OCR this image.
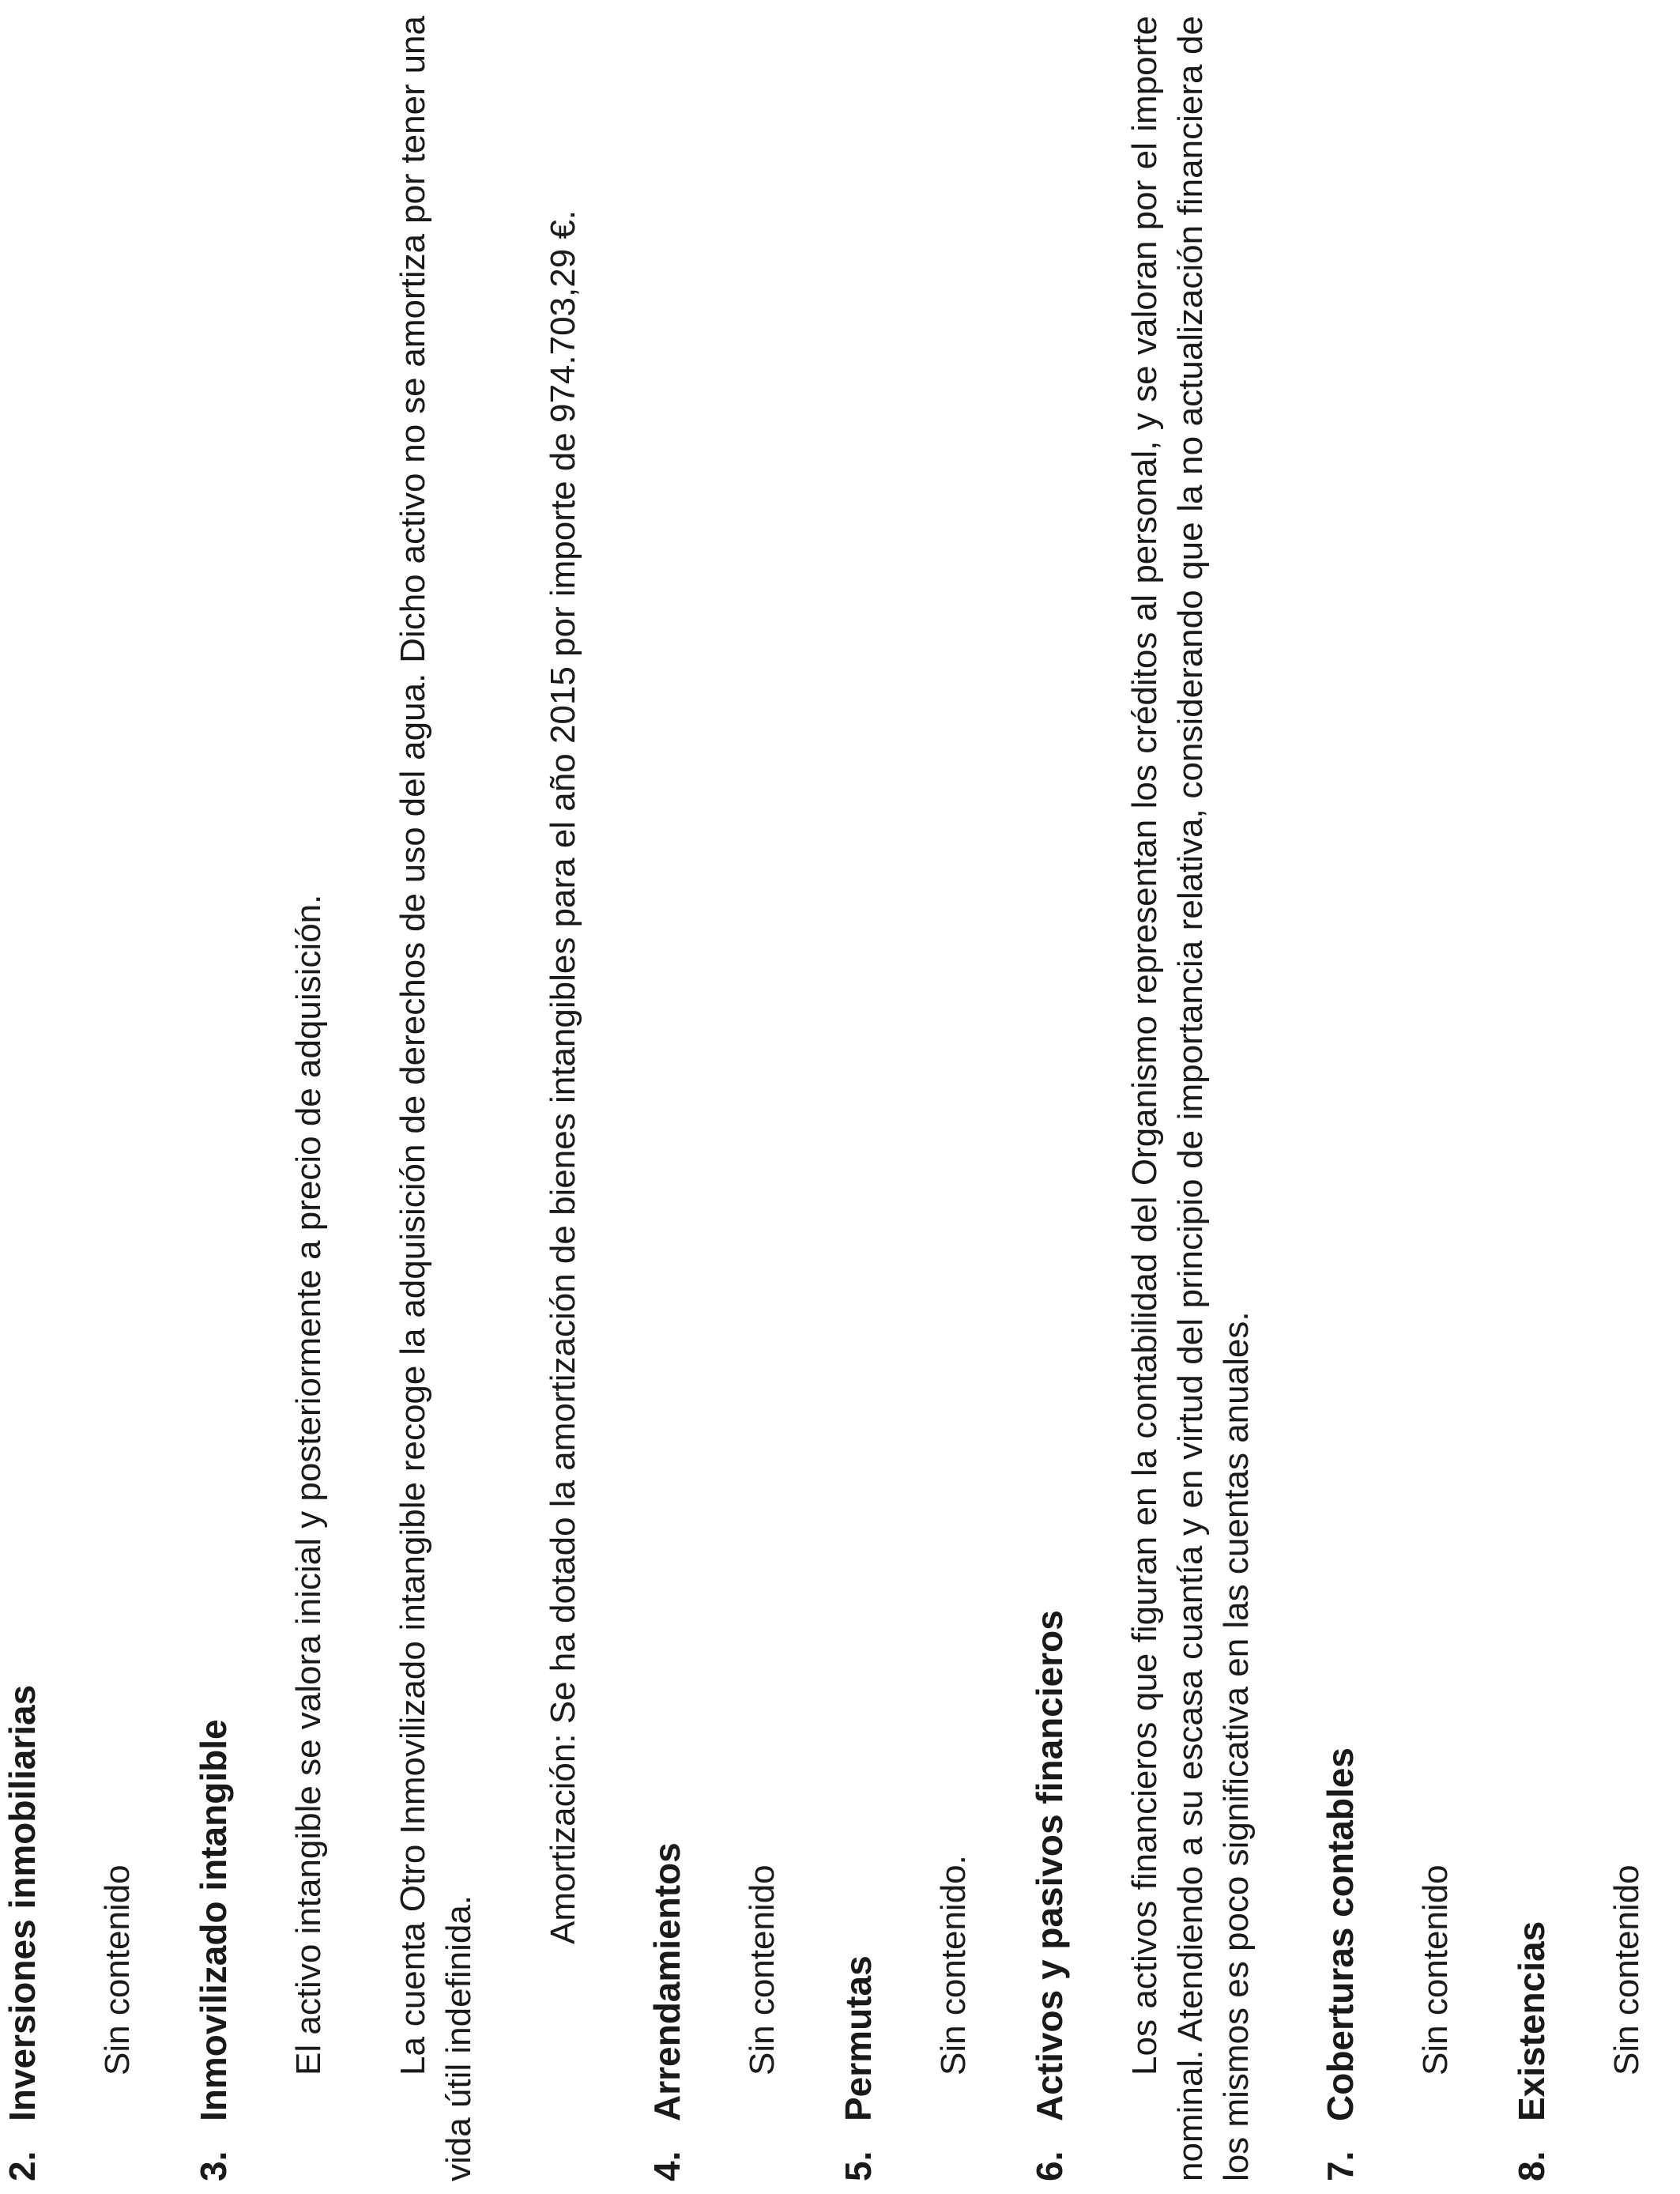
2.
Inversiones inmobiliarias Sin contenido
3.
Inmovilizado intangible El activo intangible se valora inicial y posteriormente a precio de adquisición. La cuenta Otro Inmovilizado intangible recoge la adquisición de derechos de uso del agua. Dicho activo no se amortiza por tener una vida útil indefinida.
Amortización: Se ha dotado la amortización de bienes intangibles para el año 2015 por importe de 974.703,29 €.
4.
Arrendamientos Sin contenido
5.
Permutas Sin contenido.
6.
Activos y pasivos financieros Los activos financieros que figuran en la contabilidad del Organismo representan los créditos al personal, y se valoran por el importe nominal. Atendiendo a su escasa cuantía y en virtud del principio de importancia relativa, considerando que la no actualización financiera de los mismos es poco significativa en las cuentas anuales. 7.
Coberturas contables Sin contenido
8.
Existencias Sin contenido
